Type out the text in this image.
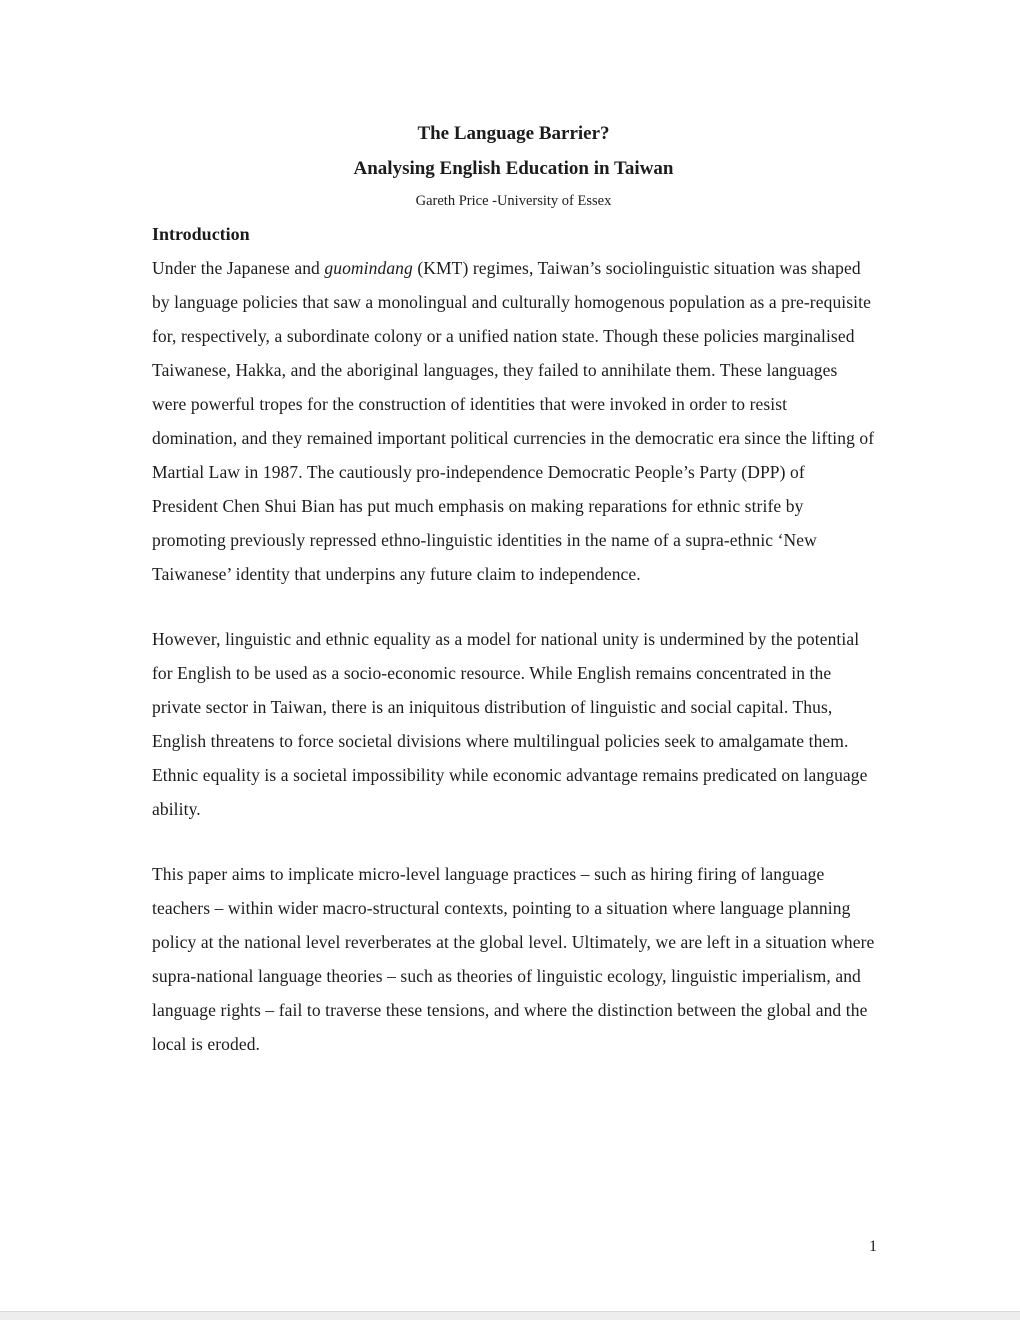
The Language Barrier?
Analysing English Education in Taiwan
Gareth Price -University of Essex
Introduction

Under the Japanese and guomindang (KMT) regimes, Taiwan’s sociolinguistic situation was shaped by language policies that saw a monolingual and culturally homogenous population as a pre-requisite for, respectively, a subordinate colony or a unified nation state. Though these policies marginalised Taiwanese, Hakka, and the aboriginal languages, they failed to annihilate them. These languages were powerful tropes for the construction of identities that were invoked in order to resist domination, and they remained important political currencies in the democratic era since the lifting of Martial Law in 1987. The cautiously pro-independence Democratic People’s Party (DPP) of President Chen Shui Bian has put much emphasis on making reparations for ethnic strife by promoting previously repressed ethno-linguistic identities in the name of a supra-ethnic ‘New Taiwanese’ identity that underpins any future claim to independence.

However, linguistic and ethnic equality as a model for national unity is undermined by the potential for English to be used as a socio-economic resource. While English remains concentrated in the private sector in Taiwan, there is an iniquitous distribution of linguistic and social capital. Thus, English threatens to force societal divisions where multilingual policies seek to amalgamate them. Ethnic equality is a societal impossibility while economic advantage remains predicated on language ability.

This paper aims to implicate micro-level language practices – such as hiring firing of language teachers – within wider macro-structural contexts, pointing to a situation where language planning policy at the national level reverberates at the global level. Ultimately, we are left in a situation where supra-national language theories – such as theories of linguistic ecology, linguistic imperialism, and language rights – fail to traverse these tensions, and where the distinction between the global and the local is eroded.

1
